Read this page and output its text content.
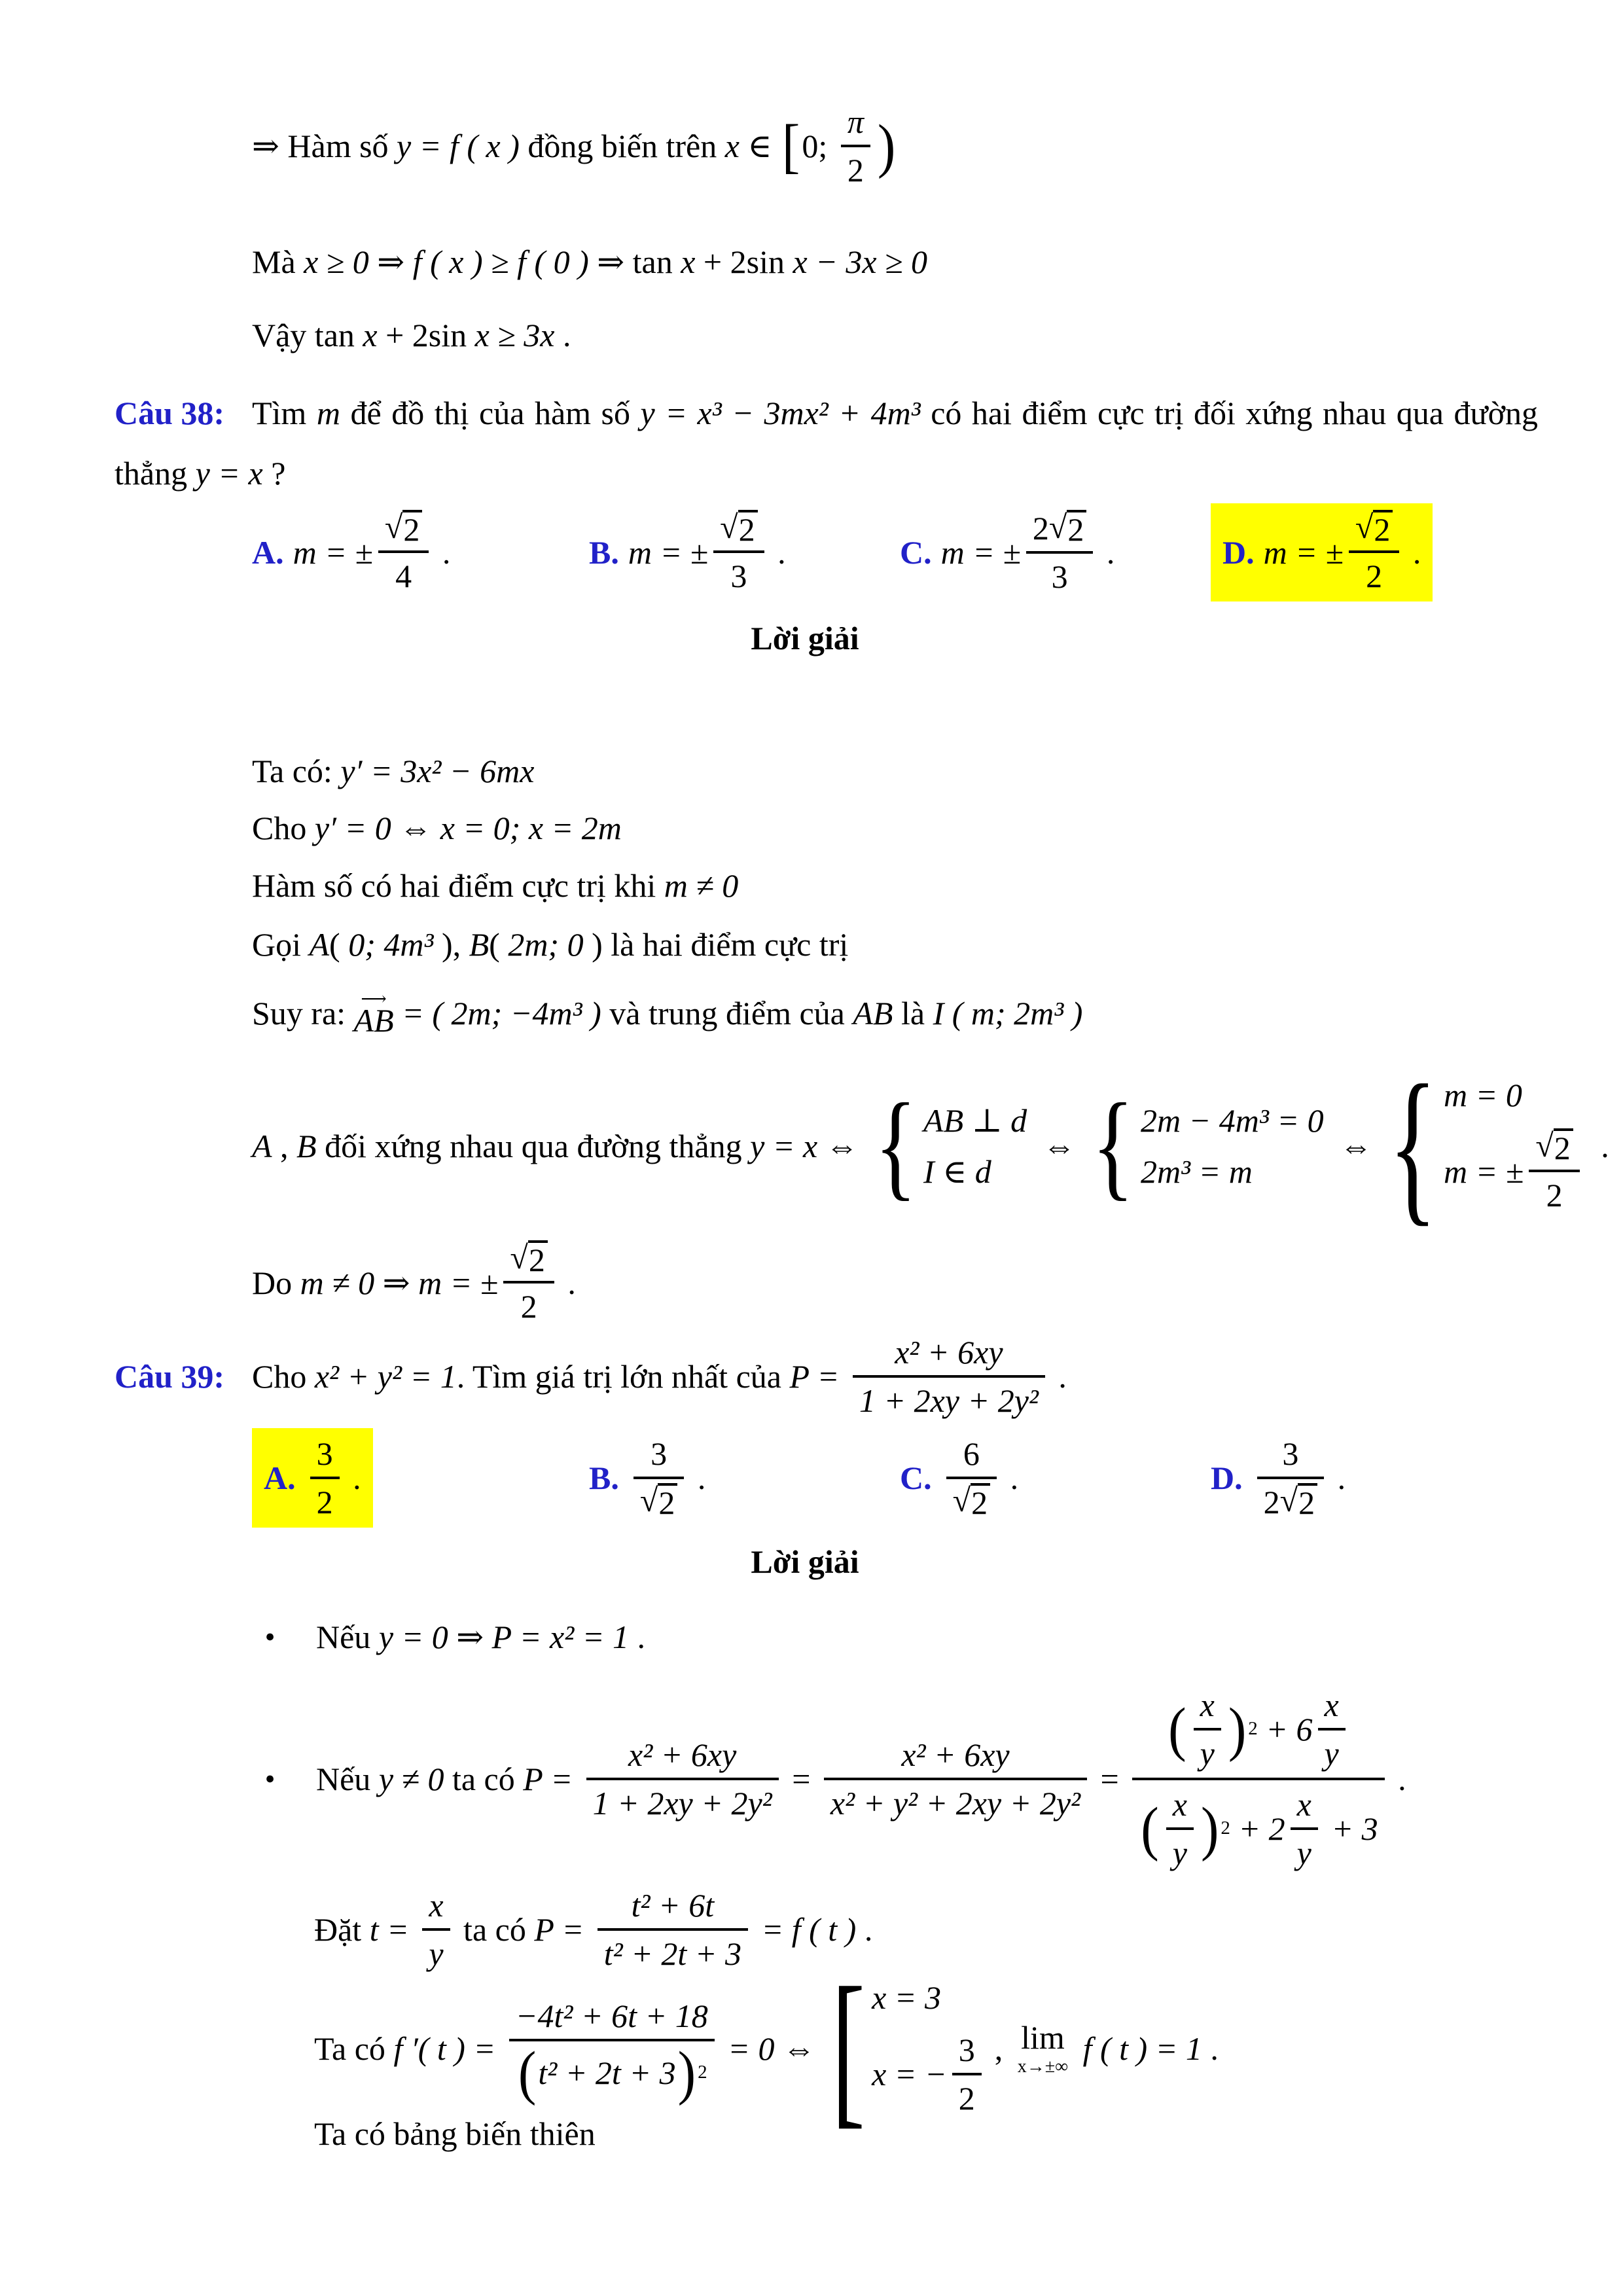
⇒ Hàm số y = f ( x ) đồng biến trên x ∈ [ 0; $\frac{\pi}{2}$ )
Mà x ≥ 0 ⇒ f ( x ) ≥ f ( 0 ) ⇒ tan x + 2sin x − 3x ≥ 0
Vậy tan x + 2sin x ≥ 3x .
Câu 38: Tìm m để đồ thị của hàm số y = x³ − 3mx² + 4m³ có hai điểm cực trị đối xứng nhau qua đường thẳng y = x ?
A. m = ± √ $\frac{2}{4}$ .	B. m = ± √ $\frac{2}{3}$ .	C. m = ± $\frac{2 √ 2}{3}$ .	D. m = ± √ $\frac{2}{2}$ .
Lời giải
Ta có: y′ = 3x² − 6mx
Cho y′ = 0 ⇔ x = 0; x = 2m
Hàm số có hai điểm cực trị khi m ≠ 0
Gọi A ( 0; 4m³ ), B ( 2m; 0 ) là hai điểm cực trị
Suy ra: ⟶ AB = ( 2m; −4m³ ) và trung điểm của AB là I ( m; 2m³ )
A , B đối xứng nhau qua đường thẳng y = x ⇔ { AB ⊥ d
I ∈ d
⇔ { 2m − 4m³ = 0
2m³ = m
⇔ { m = 0
m = ± √ $\frac{2}{2}$ .
Do m ≠ 0 ⇒ m = ± √ $\frac{2}{2}$ .
Câu 39: Cho x² + y² = 1 . Tìm giá trị lớn nhất của $P = \frac{\text{x² + 6xy}}{\text{1 + 2xy + 2y²}}$ .
A. $\frac{3}{2}$ .	B. 3
√ 2 .	C. 6
√ 2 .	D. $\frac{3}{2 √ 2}$ .
Lời giải
●	Nếu y = 0 ⇒ P = x² = 1 .
●	Nếu y ≠ 0 ta có $P = \frac{\text{x² + 6xy}}{\text{1 + 2xy + 2y²}} = \frac{\text{x² + 6xy}}{\text{x² + y² + 2xy + 2y²}} = \frac{( \frac{x}{y} ) 2 + 6 \frac{x}{y}}{( \frac{x}{y} ) 2 + 2 \frac{x}{y} + 3}$ .
Đặt $t = \frac{x}{y}$ ta có $P = \frac{\text{t² + 6t}}{\text{t² + 2t + 3}} = f$ ( t ) .
Ta có f ′( t ) = $\frac{\text{−4t² + 6t + 18}}{\text{( t² + 2t + 3 ) 2}} = 0$ ⇔ [ x = 3
x = − $\frac{3}{2}$ , lim
x→±∞ f ( t ) = 1 .
Ta có bảng biến thiên
